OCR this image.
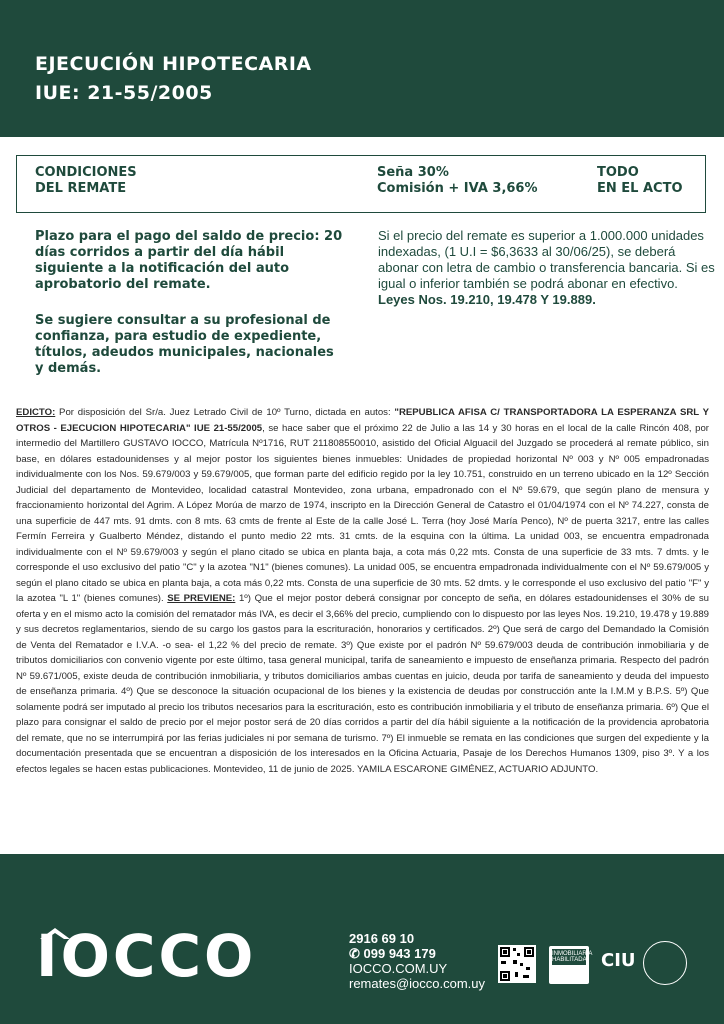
EJECUCIÓN HIPOTECARIA
IUE: 21-55/2005
CONDICIONES
DEL REMATE
Seña 30%
Comisión + IVA 3,66%
TODO
EN EL ACTO
Plazo para el pago del saldo de precio: 20 días corridos a partir del día hábil siguiente a la notificación del auto aprobatorio del remate.
Se sugiere consultar a su profesional de confianza, para estudio de expediente, títulos, adeudos municipales, nacionales y demás.
Si el precio del remate es superior a 1.000.000 unidades indexadas, (1 U.I = $6,3633 al 30/06/25), se deberá abonar con letra de cambio o transferencia bancaria. Si es igual o inferior también se podrá abonar en efectivo. Leyes Nos. 19.210, 19.478 Y 19.889.
EDICTO: Por disposición del Sr/a. Juez Letrado Civil de 10º Turno, dictada en autos: "REPUBLICA AFISA C/ TRANSPORTADORA LA ESPERANZA SRL Y OTROS - EJECUCION HIPOTECARIA" IUE 21-55/2005, se hace saber que el próximo 22 de Julio a las 14 y 30 horas en el local de la calle Rincón 408, por intermedio del Martillero GUSTAVO IOCCO, Matrícula Nº1716, RUT 211808550010, asistido del Oficial Alguacil del Juzgado se procederá al remate público, sin base, en dólares estadounidenses y al mejor postor los siguientes bienes inmuebles: Unidades de propiedad horizontal Nº 003 y Nº 005 empadronadas individualmente con los Nos. 59.679/003 y 59.679/005, que forman parte del edificio regido por la ley 10.751, construido en un terreno ubicado en la 12º Sección Judicial del departamento de Montevideo, localidad catastral Montevideo, zona urbana, empadronado con el Nº 59.679, que según plano de mensura y fraccionamiento horizontal del Agrim. A López Morúa de marzo de 1974, inscripto en la Dirección General de Catastro el 01/04/1974 con el Nº 74.227, consta de una superficie de 447 mts. 91 dmts. con 8 mts. 63 cmts de frente al Este de la calle José L. Terra (hoy José María Penco), Nº de puerta 3217, entre las calles Fermín Ferreira y Gualberto Méndez, distando el punto medio 22 mts. 31 cmts. de la esquina con la última. La unidad 003, se encuentra empadronada individualmente con el Nº 59.679/003 y según el plano citado se ubica en planta baja, a cota más 0,22 mts. Consta de una superficie de 33 mts. 7 dmts. y le corresponde el uso exclusivo del patio "C" y la azotea "N1" (bienes comunes). La unidad 005, se encuentra empadronada individualmente con el Nº 59.679/005 y según el plano citado se ubica en planta baja, a cota más 0,22 mts. Consta de una superficie de 30 mts. 52 dmts. y le corresponde el uso exclusivo del patio "F" y la azotea "L 1" (bienes comunes). SE PREVIENE: 1º) Que el mejor postor deberá consignar por concepto de seña, en dólares estadounidenses el 30% de su oferta y en el mismo acto la comisión del rematador más IVA, es decir el 3,66% del precio, cumpliendo con lo dispuesto por las leyes Nos. 19.210, 19.478 y 19.889 y sus decretos reglamentarios, siendo de su cargo los gastos para la escrituración, honorarios y certificados. 2º) Que será de cargo del Demandado la Comisión de Venta del Rematador e I.V.A. -o sea- el 1,22 % del precio de remate. 3º) Que existe por el padrón Nº 59.679/003 deuda de contribución inmobiliaria y de tributos domiciliarios con convenio vigente por este último, tasa general municipal, tarifa de saneamiento e impuesto de enseñanza primaria. Respecto del padrón Nº 59.671/005, existe deuda de contribución inmobiliaria, y tributos domiciliarios ambas cuentas en juicio, deuda por tarifa de saneamiento y deuda del impuesto de enseñanza primaria. 4º) Que se desconoce la situación ocupacional de los bienes y la existencia de deudas por construcción ante la I.M.M y B.P.S. 5º) Que solamente podrá ser imputado al precio los tributos necesarios para la escrituración, esto es contribución inmobiliaria y el tributo de enseñanza primaria. 6º) Que el plazo para consignar el saldo de precio por el mejor postor será de 20 días corridos a partir del día hábil siguiente a la notificación de la providencia aprobatoria del remate, que no se interrumpirá por las ferias judiciales ni por semana de turismo. 7º) El inmueble se remata en las condiciones que surgen del expediente y la documentación presentada que se encuentran a disposición de los interesados en la Oficina Actuaria, Pasaje de los Derechos Humanos 1309, piso 3º. Y a los efectos legales se hacen estas publicaciones. Montevideo, 11 de junio de 2025. YAMILA ESCARONE GIMÉNEZ, ACTUARIO ADJUNTO.
IOCCO	2916 69 10
✆ 099 943 179
IOCCO.COM.UY
remates@iocco.com.uy
INMOBILIARIA HABILITADA CIU
